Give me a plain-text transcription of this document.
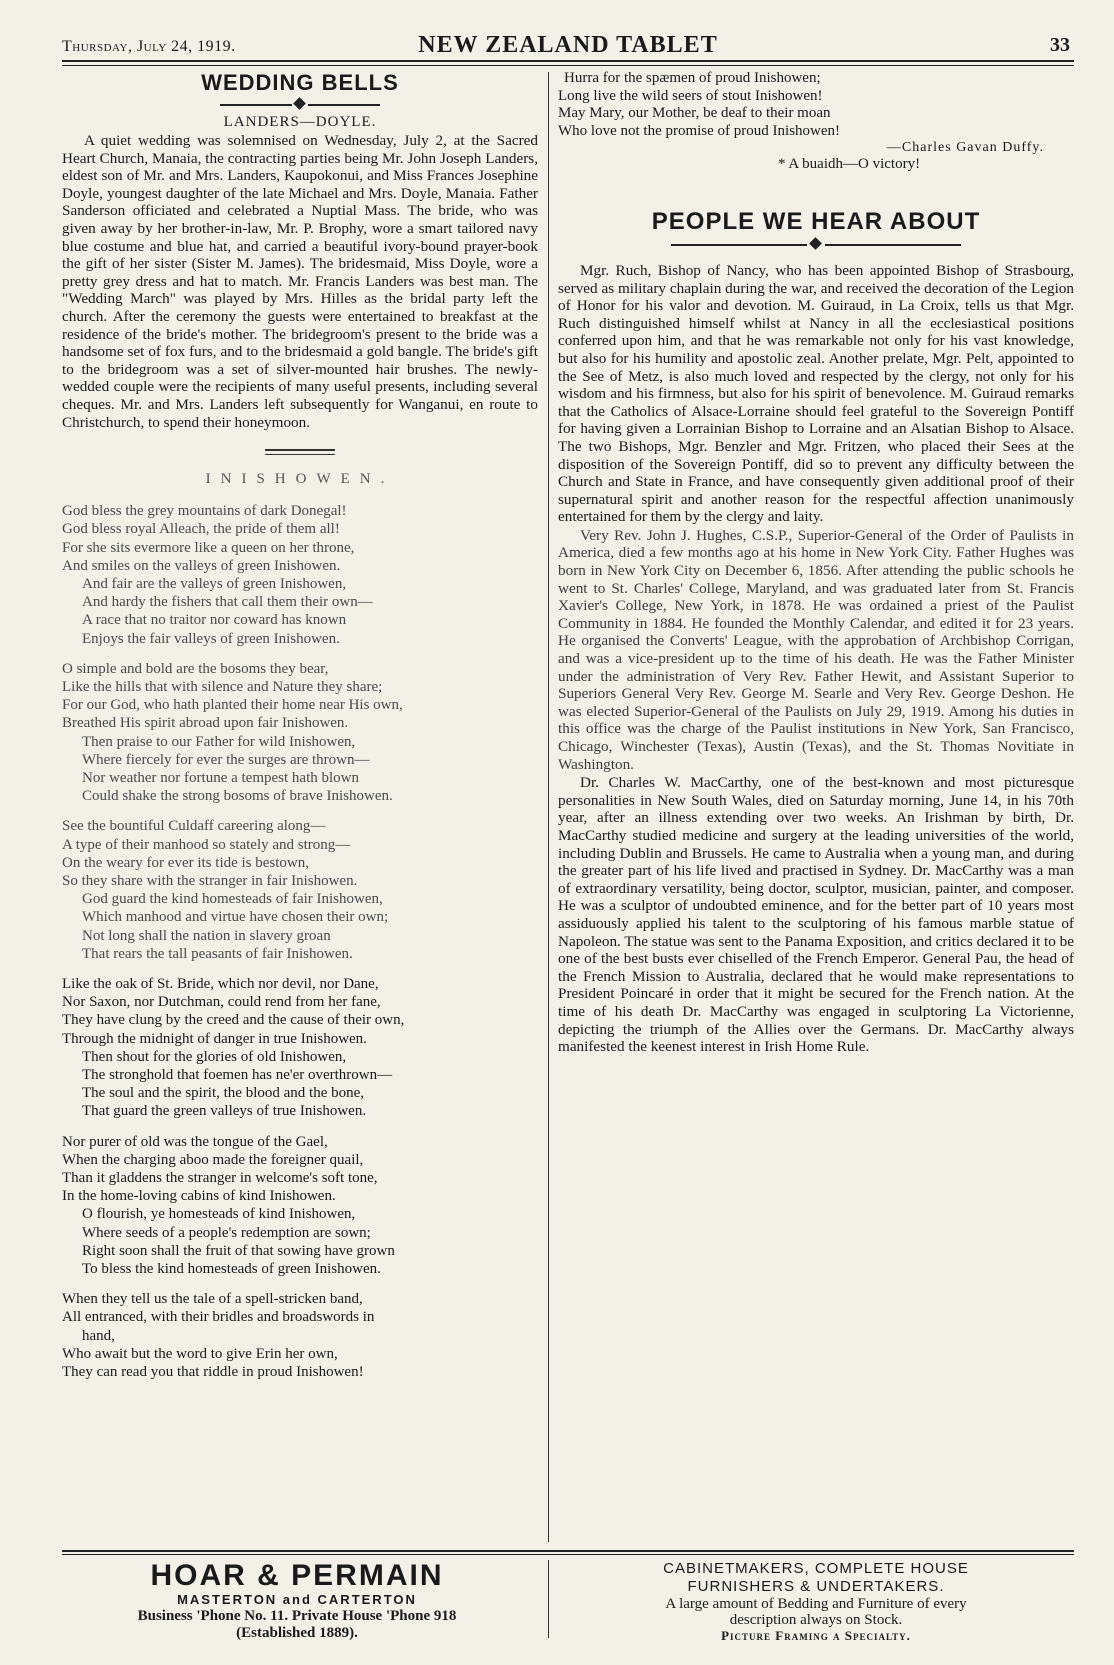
Thursday, July 24, 1919.	NEW ZEALAND TABLET	33
WEDDING BELLS
LANDERS—DOYLE.

A quiet wedding was solemnised on Wednesday, July 2, at the Sacred Heart Church, Manaia, the contracting parties being Mr. John Joseph Landers, eldest son of Mr. and Mrs. Landers, Kaupokonui, and Miss Frances Josephine Doyle, youngest daughter of the late Michael and Mrs. Doyle, Manaia. Father Sanderson officiated and celebrated a Nuptial Mass. The bride, who was given away by her brother-in-law, Mr. P. Brophy, wore a smart tailored navy blue costume and blue hat, and carried a beautiful ivory-bound prayer-book the gift of her sister (Sister M. James). The bridesmaid, Miss Doyle, wore a pretty grey dress and hat to match. Mr. Francis Landers was best man. The "Wedding March" was played by Mrs. Hilles as the bridal party left the church. After the ceremony the guests were entertained to breakfast at the residence of the bride's mother. The bridegroom's present to the bride was a handsome set of fox furs, and to the bridesmaid a gold bangle. The bride's gift to the bridegroom was a set of silver-mounted hair brushes. The newly-wedded couple were the recipients of many useful presents, including several cheques. Mr. and Mrs. Landers left subsequently for Wanganui, en route to Christchurch, to spend their honeymoon.

INISHOWEN.
God bless the grey mountains of dark Donegal!
God bless royal Alleach, the pride of them all!
For she sits evermore like a queen on her throne,
And smiles on the valleys of green Inishowen.
And fair are the valleys of green Inishowen,
And hardy the fishers that call them their own—
A race that no traitor nor coward has known
Enjoys the fair valleys of green Inishowen.
O simple and bold are the bosoms they bear,
Like the hills that with silence and Nature they share;
For our God, who hath planted their home near His own,
Breathed His spirit abroad upon fair Inishowen.
Then praise to our Father for wild Inishowen,
Where fiercely for ever the surges are thrown—
Nor weather nor fortune a tempest hath blown
Could shake the strong bosoms of brave Inishowen.
See the bountiful Culdaff careering along—
A type of their manhood so stately and strong—
On the weary for ever its tide is bestown,
So they share with the stranger in fair Inishowen.
God guard the kind homesteads of fair Inishowen,
Which manhood and virtue have chosen their own;
Not long shall the nation in slavery groan
That rears the tall peasants of fair Inishowen.
Like the oak of St. Bride, which nor devil, nor Dane,
Nor Saxon, nor Dutchman, could rend from her fane,
They have clung by the creed and the cause of their own,
Through the midnight of danger in true Inishowen.
Then shout for the glories of old Inishowen,
The stronghold that foemen has ne'er overthrown—
The soul and the spirit, the blood and the bone,
That guard the green valleys of true Inishowen.
Nor purer of old was the tongue of the Gael,
When the charging aboo made the foreigner quail,
Than it gladdens the stranger in welcome's soft tone,
In the home-loving cabins of kind Inishowen.
O flourish, ye homesteads of kind Inishowen,
Where seeds of a people's redemption are sown;
Right soon shall the fruit of that sowing have grown
To bless the kind homesteads of green Inishowen.
When they tell us the tale of a spell-stricken band,
All entranced, with their bridles and broadswords in
hand,
Who await but the word to give Erin her own,
They can read you that riddle in proud Inishowen!
Hurra for the spæmen of proud Inishowen;
Long live the wild seers of stout Inishowen!
May Mary, our Mother, be deaf to their moan
Who love not the promise of proud Inishowen!
—Charles Gavan Duffy.
* A buaidh—O victory!
PEOPLE WE HEAR ABOUT

Mgr. Ruch, Bishop of Nancy, who has been appointed Bishop of Strasbourg, served as military chaplain during the war, and received the decoration of the Legion of Honor for his valor and devotion. M. Guiraud, in La Croix, tells us that Mgr. Ruch distinguished himself whilst at Nancy in all the ecclesiastical positions conferred upon him, and that he was remarkable not only for his vast knowledge, but also for his humility and apostolic zeal. Another prelate, Mgr. Pelt, appointed to the See of Metz, is also much loved and respected by the clergy, not only for his wisdom and his firmness, but also for his spirit of benevolence. M. Guiraud remarks that the Catholics of Alsace-Lorraine should feel grateful to the Sovereign Pontiff for having given a Lorrainian Bishop to Lorraine and an Alsatian Bishop to Alsace. The two Bishops, Mgr. Benzler and Mgr. Fritzen, who placed their Sees at the disposition of the Sovereign Pontiff, did so to prevent any difficulty between the Church and State in France, and have consequently given additional proof of their supernatural spirit and another reason for the respectful affection unanimously entertained for them by the clergy and laity.

Very Rev. John J. Hughes, C.S.P., Superior-General of the Order of Paulists in America, died a few months ago at his home in New York City. Father Hughes was born in New York City on December 6, 1856. After attending the public schools he went to St. Charles' College, Maryland, and was graduated later from St. Francis Xavier's College, New York, in 1878. He was ordained a priest of the Paulist Community in 1884. He founded the Monthly Calendar, and edited it for 23 years. He organised the Converts' League, with the approbation of Archbishop Corrigan, and was a vice-president up to the time of his death. He was the Father Minister under the administration of Very Rev. Father Hewit, and Assistant Superior to Superiors General Very Rev. George M. Searle and Very Rev. George Deshon. He was elected Superior-General of the Paulists on July 29, 1919. Among his duties in this office was the charge of the Paulist institutions in New York, San Francisco, Chicago, Winchester (Texas), Austin (Texas), and the St. Thomas Novitiate in Washington.

Dr. Charles W. MacCarthy, one of the best-known and most picturesque personalities in New South Wales, died on Saturday morning, June 14, in his 70th year, after an illness extending over two weeks. An Irishman by birth, Dr. MacCarthy studied medicine and surgery at the leading universities of the world, including Dublin and Brussels. He came to Australia when a young man, and during the greater part of his life lived and practised in Sydney. Dr. MacCarthy was a man of extraordinary versatility, being doctor, sculptor, musician, painter, and composer. He was a sculptor of undoubted eminence, and for the better part of 10 years most assiduously applied his talent to the sculptoring of his famous marble statue of Napoleon. The statue was sent to the Panama Exposition, and critics declared it to be one of the best busts ever chiselled of the French Emperor. General Pau, the head of the French Mission to Australia, declared that he would make representations to President Poincaré in order that it might be secured for the French nation. At the time of his death Dr. MacCarthy was engaged in sculptoring La Victorienne, depicting the triumph of the Allies over the Germans. Dr. MacCarthy always manifested the keenest interest in Irish Home Rule.

HOAR & PERMAIN
MASTERTON and CARTERTON
Business 'Phone No. 11. Private House 'Phone 918
(Established 1889).
CABINETMAKERS, COMPLETE HOUSE
FURNISHERS & UNDERTAKERS.
A large amount of Bedding and Furniture of every
description always on Stock.
Picture Framing a Specialty.
